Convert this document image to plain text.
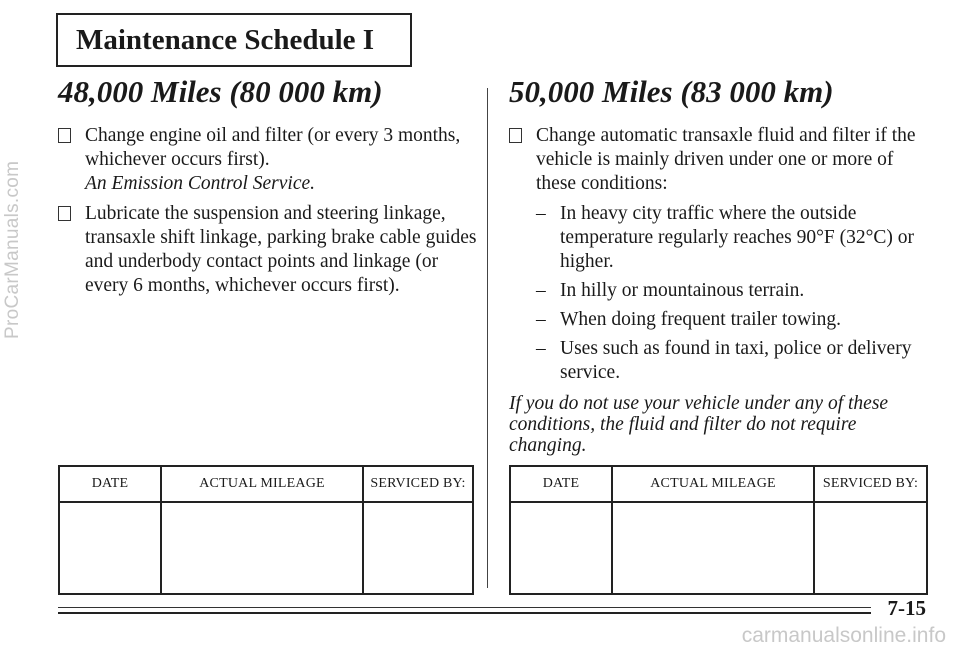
ProCarManuals.com
carmanualsonline.info
Maintenance Schedule I
48,000 Miles (80 000 km)
Change engine oil and filter (or every 3 months, whichever occurs first).
An Emission Control Service.
Lubricate the suspension and steering linkage, transaxle shift linkage, parking brake cable guides and underbody contact points and linkage (or every 6 months, whichever occurs first).
50,000 Miles (83 000 km)
Change automatic transaxle fluid and filter if the vehicle is mainly driven under one or more of these conditions:
– In heavy city traffic where the outside temperature regularly reaches 90°F (32°C) or higher.
– In hilly or mountainous terrain.
– When doing frequent trailer towing.
– Uses such as found in taxi, police or delivery service.
If you do not use your vehicle under any of these conditions, the fluid and filter do not require changing.
DATE	ACTUAL MILEAGE	SERVICED BY:
			DATE	ACTUAL MILEAGE	SERVICED BY:

7-15
